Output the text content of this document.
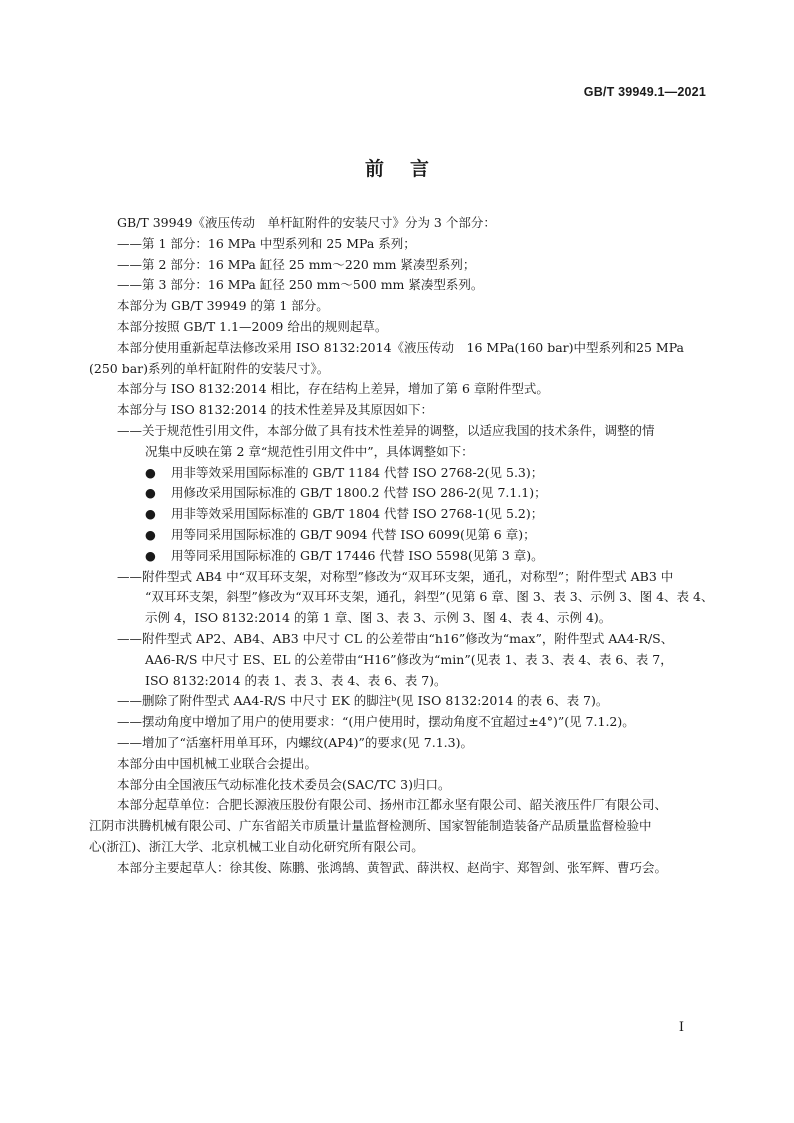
GB/T 39949.1—2021
前言
GB/T 39949《液压传动　单杆缸附件的安装尺寸》分为 3 个部分：
——第 1 部分：16 MPa 中型系列和 25 MPa 系列；
——第 2 部分：16 MPa 缸径 25 mm～220 mm 紧凑型系列；
——第 3 部分：16 MPa 缸径 250 mm～500 mm 紧凑型系列。
本部分为 GB/T 39949 的第 1 部分。
本部分按照 GB/T 1.1—2009 给出的规则起草。
本部分使用重新起草法修改采用 ISO 8132:2014《液压传动　16 MPa(160 bar)中型系列和25 MPa
(250 bar)系列的单杆缸附件的安装尺寸》。
本部分与 ISO 8132:2014 相比，存在结构上差异，增加了第 6 章附件型式。
本部分与 ISO 8132:2014 的技术性差异及其原因如下：
——关于规范性引用文件，本部分做了具有技术性差异的调整，以适应我国的技术条件，调整的情
况集中反映在第 2 章“规范性引用文件中”，具体调整如下：
● 用非等效采用国际标准的 GB/T 1184 代替 ISO 2768-2(见 5.3)；
● 用修改采用国际标准的 GB/T 1800.2 代替 ISO 286-2(见 7.1.1)；
● 用非等效采用国际标准的 GB/T 1804 代替 ISO 2768-1(见 5.2)；
● 用等同采用国际标准的 GB/T 9094 代替 ISO 6099(见第 6 章)；
● 用等同采用国际标准的 GB/T 17446 代替 ISO 5598(见第 3 章)。
——附件型式 AB4 中“双耳环支架，对称型”修改为“双耳环支架，通孔，对称型”；附件型式 AB3 中
“双耳环支架，斜型”修改为“双耳环支架，通孔，斜型”(见第 6 章、图 3、表 3、示例 3、图 4、表 4、
示例 4，ISO 8132:2014 的第 1 章、图 3、表 3、示例 3、图 4、表 4、示例 4)。
——附件型式 AP2、AB4、AB3 中尺寸 CL 的公差带由“h16”修改为“max”，附件型式 AA4-R/S、
AA6-R/S 中尺寸 ES、EL 的公差带由“H16”修改为“min”(见表 1、表 3、表 4、表 6、表 7，
ISO 8132:2014 的表 1、表 3、表 4、表 6、表 7)。
——删除了附件型式 AA4-R/S 中尺寸 EK 的脚注ᵇ(见 ISO 8132:2014 的表 6、表 7)。
——摆动角度中增加了用户的使用要求：“(用户使用时，摆动角度不宜超过±4°)”(见 7.1.2)。
——增加了“活塞杆用单耳环，内螺纹(AP4)”的要求(见 7.1.3)。
本部分由中国机械工业联合会提出。
本部分由全国液压气动标准化技术委员会(SAC/TC 3)归口。
本部分起草单位：合肥长源液压股份有限公司、扬州市江都永坚有限公司、韶关液压件厂有限公司、
江阴市洪腾机械有限公司、广东省韶关市质量计量监督检测所、国家智能制造装备产品质量监督检验中
心(浙江)、浙江大学、北京机械工业自动化研究所有限公司。
本部分主要起草人：徐其俊、陈鹏、张鸿鹄、黄智武、薛洪权、赵尚宇、郑智剑、张军辉、曹巧会。
I
